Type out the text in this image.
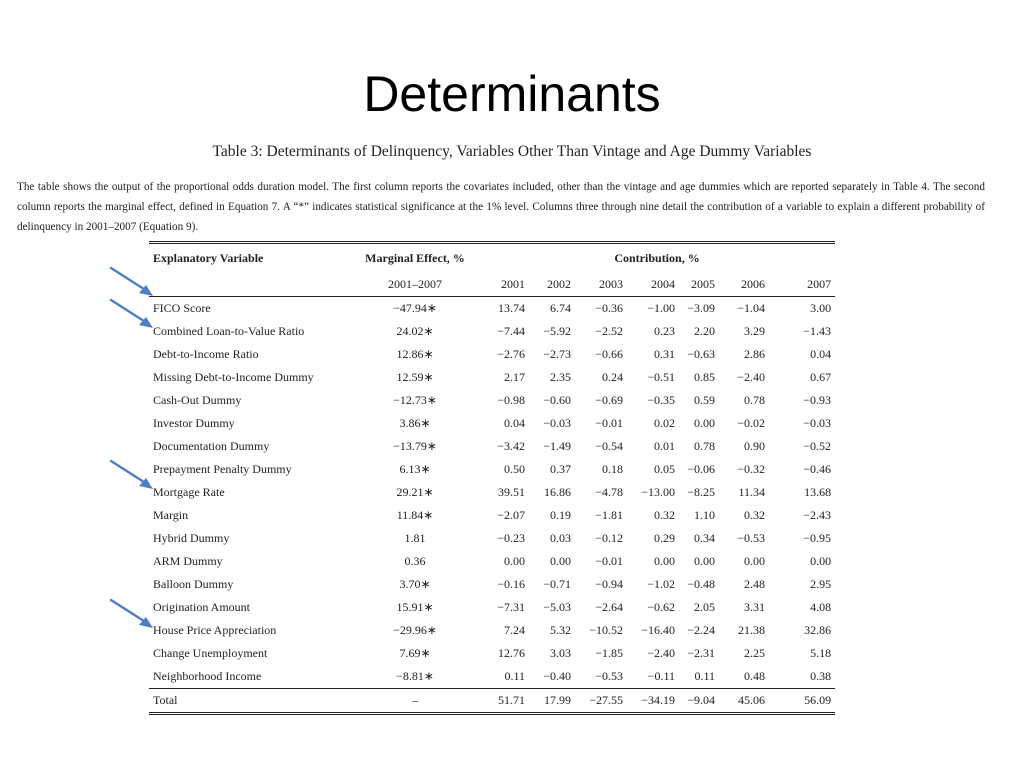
Determinants
Table 3: Determinants of Delinquency, Variables Other Than Vintage and Age Dummy Variables
The table shows the output of the proportional odds duration model. The first column reports the covariates included, other than the vintage and age dummies which are reported separately in Table 4. The second column reports the marginal effect, defined in Equation 7. A “*” indicates statistical significance at the 1% level. Columns three through nine detail the contribution of a variable to explain a different probability of delinquency in 2001–2007 (Equation 9).
Explanatory Variable	Marginal Effect, %	Contribution, %						
	2001–2007	2001	2002	2003	2004	2005	2006	2007
FICO Score	−47.94∗	13.74	6.74	−0.36	−1.00	−3.09	−1.04	3.00
Combined Loan-to-Value Ratio	24.02∗	−7.44	−5.92	−2.52	0.23	2.20	3.29	−1.43
Debt-to-Income Ratio	12.86∗	−2.76	−2.73	−0.66	0.31	−0.63	2.86	0.04
Missing Debt-to-Income Dummy	12.59∗	2.17	2.35	0.24	−0.51	0.85	−2.40	0.67
Cash-Out Dummy	−12.73∗	−0.98	−0.60	−0.69	−0.35	0.59	0.78	−0.93
Investor Dummy	3.86∗	0.04	−0.03	−0.01	0.02	0.00	−0.02	−0.03
Documentation Dummy	−13.79∗	−3.42	−1.49	−0.54	0.01	0.78	0.90	−0.52
Prepayment Penalty Dummy	6.13∗	0.50	0.37	0.18	0.05	−0.06	−0.32	−0.46
Mortgage Rate	29.21∗	39.51	16.86	−4.78	−13.00	−8.25	11.34	13.68
Margin	11.84∗	−2.07	0.19	−1.81	0.32	1.10	0.32	−2.43
Hybrid Dummy	1.81	−0.23	0.03	−0.12	0.29	0.34	−0.53	−0.95
ARM Dummy	0.36	0.00	0.00	−0.01	0.00	0.00	0.00	0.00
Balloon Dummy	3.70∗	−0.16	−0.71	−0.94	−1.02	−0.48	2.48	2.95
Origination Amount	15.91∗	−7.31	−5.03	−2.64	−0.62	2.05	3.31	4.08
House Price Appreciation	−29.96∗	7.24	5.32	−10.52	−16.40	−2.24	21.38	32.86
Change Unemployment	7.69∗	12.76	3.03	−1.85	−2.40	−2.31	2.25	5.18
Neighborhood Income	−8.81∗	0.11	−0.40	−0.53	−0.11	0.11	0.48	0.38
Total	–	51.71	17.99	−27.55	−34.19	−9.04	45.06	56.09
